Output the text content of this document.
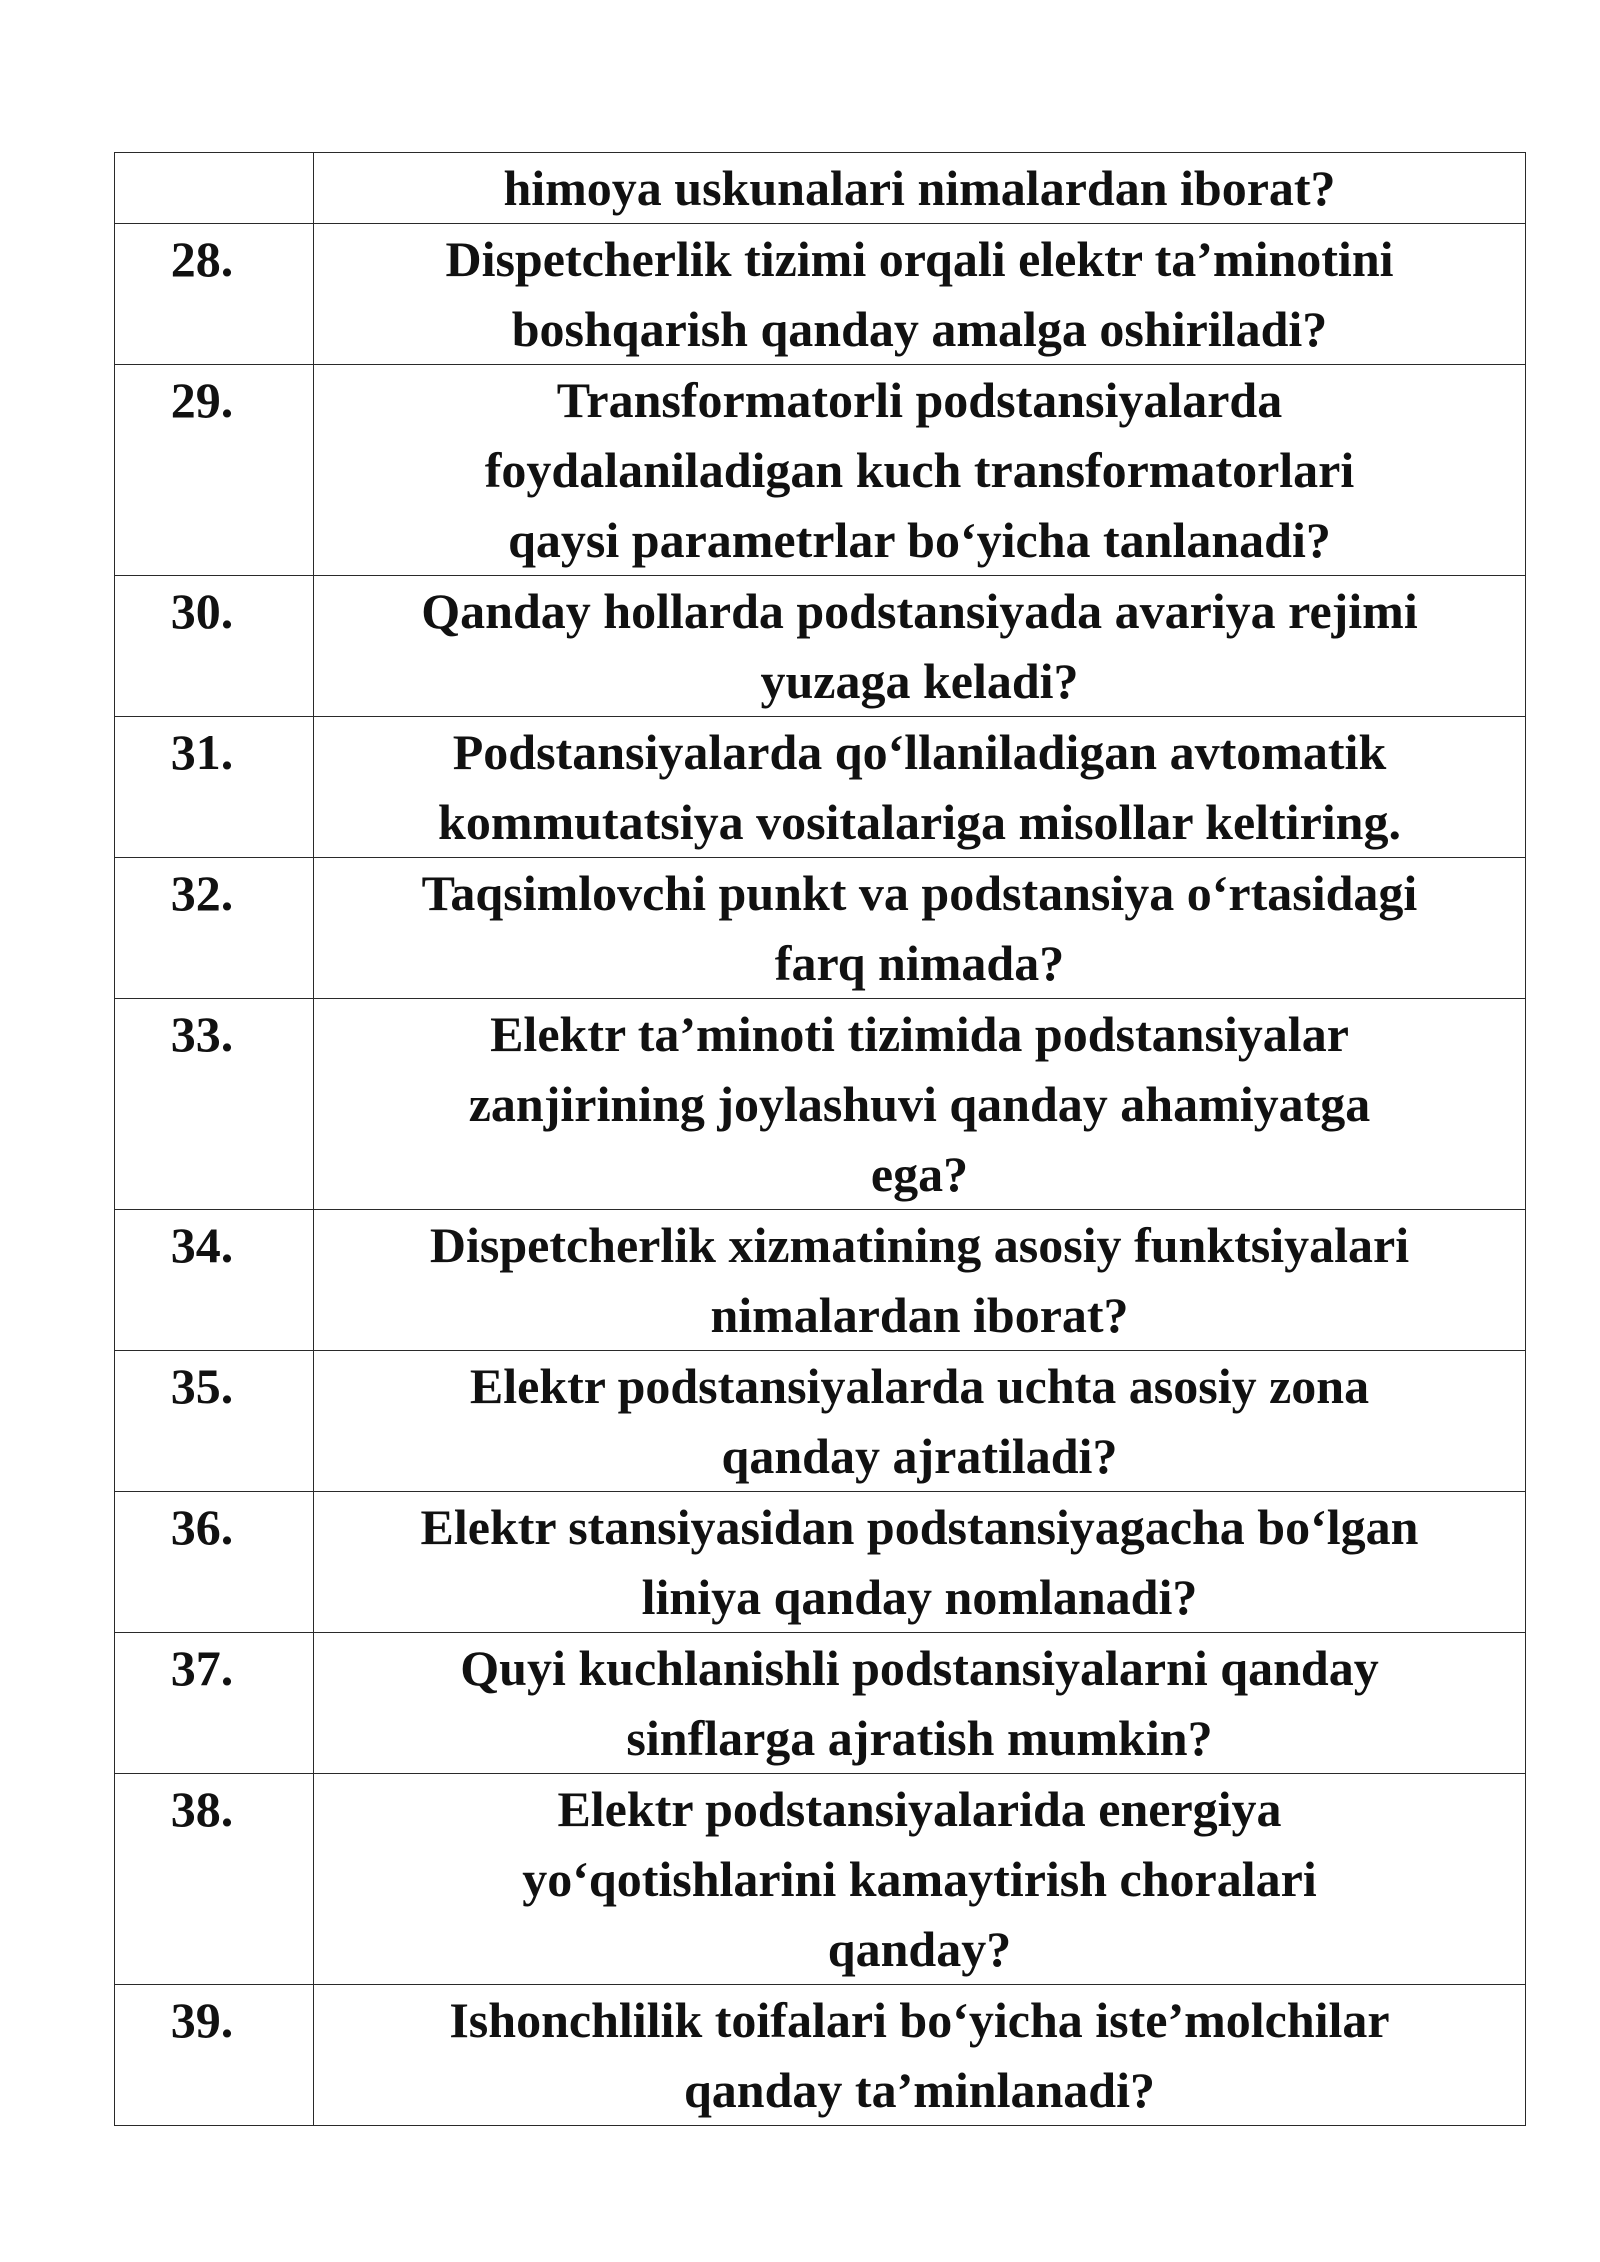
	himoya uskunalari nimalardan iborat?

28.	Dispetcherlik tizimi orqali elektr ta’minotini
boshqarish qanday amalga oshiriladi?

29.	Transformatorli podstansiyalarda
foydalaniladigan kuch transformatorlari
qaysi parametrlar bo‘yicha tanlanadi?

30.	Qanday hollarda podstansiyada avariya rejimi
yuzaga keladi?

31.	Podstansiyalarda qo‘llaniladigan avtomatik
kommutatsiya vositalariga misollar keltiring.

32.	Taqsimlovchi punkt va podstansiya o‘rtasidagi
farq nimada?

33.	Elektr ta’minoti tizimida podstansiyalar
zanjirining joylashuvi qanday ahamiyatga
ega?

34.	Dispetcherlik xizmatining asosiy funktsiyalari
nimalardan iborat?

35.	Elektr podstansiyalarda uchta asosiy zona
qanday ajratiladi?

36.	Elektr stansiyasidan podstansiyagacha bo‘lgan
liniya qanday nomlanadi?

37.	Quyi kuchlanishli podstansiyalarni qanday
sinflarga ajratish mumkin?

38.	Elektr podstansiyalarida energiya
yo‘qotishlarini kamaytirish choralari
qanday?

39.	Ishonchlilik toifalari bo‘yicha iste’molchilar
qanday ta’minlanadi?
